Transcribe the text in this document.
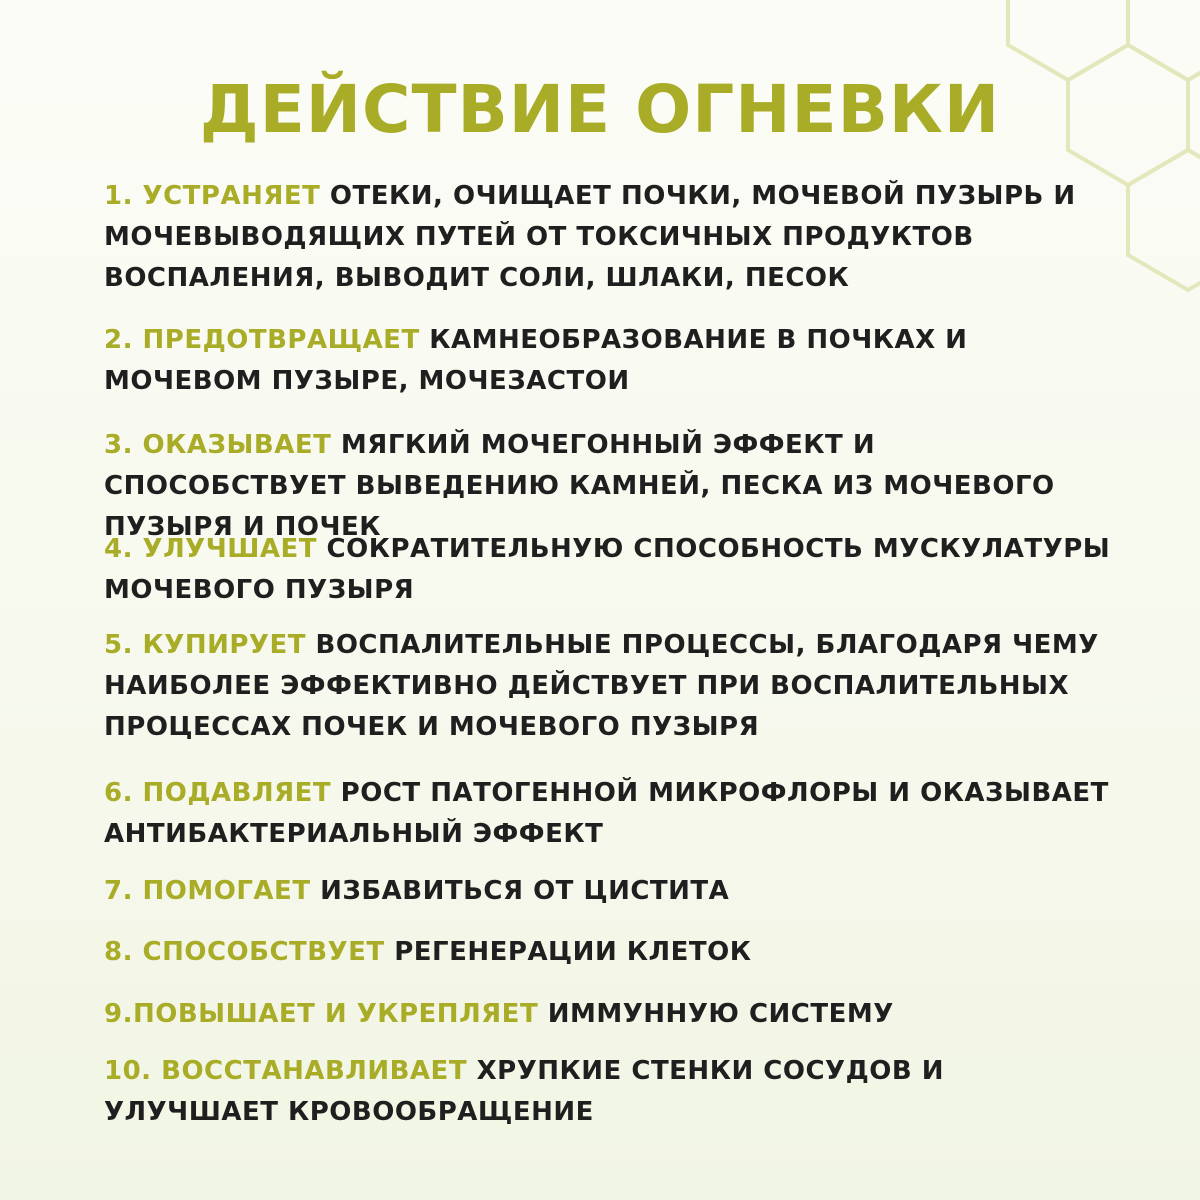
ДЕЙСТВИЕ ОГНЕВКИ
1. УСТРАНЯЕТ ОТЕКИ, ОЧИЩАЕТ ПОЧКИ, МОЧЕВОЙ ПУЗЫРЬ И МОЧЕВЫВОДЯЩИХ ПУТЕЙ ОТ ТОКСИЧНЫХ ПРОДУКТОВ ВОСПАЛЕНИЯ, ВЫВОДИТ СОЛИ, ШЛАКИ, ПЕСОК
2. ПРЕДОТВРАЩАЕТ КАМНЕОБРАЗОВАНИЕ В ПОЧКАХ И МОЧЕВОМ ПУЗЫРЕ, МОЧЕЗАСТОИ
3. ОКАЗЫВАЕТ МЯГКИЙ МОЧЕГОННЫЙ ЭФФЕКТ И СПОСОБСТВУЕТ ВЫВЕДЕНИЮ КАМНЕЙ, ПЕСКА ИЗ МОЧЕВОГО ПУЗЫРЯ И ПОЧЕК
4. УЛУЧШАЕТ СОКРАТИТЕЛЬНУЮ СПОСОБНОСТЬ МУСКУЛАТУРЫ МОЧЕВОГО ПУЗЫРЯ
5. КУПИРУЕТ ВОСПАЛИТЕЛЬНЫЕ ПРОЦЕССЫ, БЛАГОДАРЯ ЧЕМУ НАИБОЛЕЕ ЭФФЕКТИВНО ДЕЙСТВУЕТ ПРИ ВОСПАЛИТЕЛЬНЫХ ПРОЦЕССАХ ПОЧЕК И МОЧЕВОГО ПУЗЫРЯ
6. ПОДАВЛЯЕТ РОСТ ПАТОГЕННОЙ МИКРОФЛОРЫ И ОКАЗЫВАЕТ АНТИБАКТЕРИАЛЬНЫЙ ЭФФЕКТ
7. ПОМОГАЕТ ИЗБАВИТЬСЯ ОТ ЦИСТИТА
8. СПОСОБСТВУЕТ РЕГЕНЕРАЦИИ КЛЕТОК
9.ПОВЫШАЕТ И УКРЕПЛЯЕТ ИММУННУЮ СИСТЕМУ
10. ВОССТАНАВЛИВАЕТ ХРУПКИЕ СТЕНКИ СОСУДОВ И УЛУЧШАЕТ КРОВООБРАЩЕНИЕ
